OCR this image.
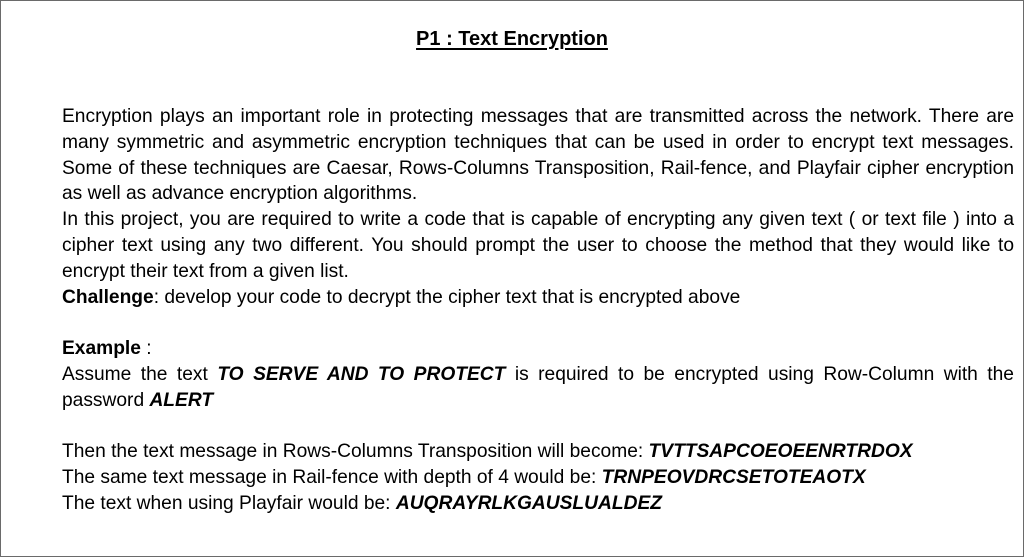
P1 : Text Encryption

Encryption plays an important role in protecting messages that are transmitted across the network. There are many symmetric and asymmetric encryption techniques that can be used in order to encrypt text messages. Some of these techniques are Caesar, Rows-Columns Transposition, Rail-fence, and Playfair cipher encryption as well as advance encryption algorithms.

In this project, you are required to write a code that is capable of encrypting any given text ( or text file ) into a cipher text using any two different. You should prompt the user to choose the method that they would like to encrypt their text from a given list.

Challenge: develop your code to decrypt the cipher text that is encrypted above

Example :

Assume the text TO SERVE AND TO PROTECT is required to be encrypted using Row-Column with the password ALERT

Then the text message in Rows-Columns Transposition will become: TVTTSAPCOEOEENRTRDOX

The same text message in Rail-fence with depth of 4 would be: TRNPEOVDRCSETOTEAOTX

The text when using Playfair would be: AUQRAYRLKGAUSLUALDEZ
